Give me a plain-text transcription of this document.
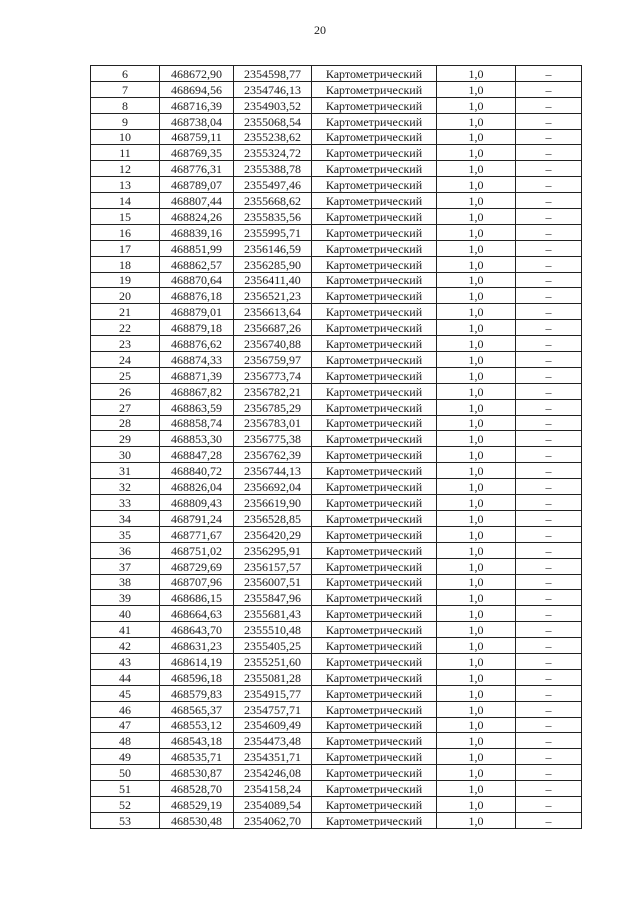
20
6	468672,90	2354598,77	Картометрический	1,0	–
7	468694,56	2354746,13	Картометрический	1,0	–
8	468716,39	2354903,52	Картометрический	1,0	–
9	468738,04	2355068,54	Картометрический	1,0	–
10	468759,11	2355238,62	Картометрический	1,0	–
11	468769,35	2355324,72	Картометрический	1,0	–
12	468776,31	2355388,78	Картометрический	1,0	–
13	468789,07	2355497,46	Картометрический	1,0	–
14	468807,44	2355668,62	Картометрический	1,0	–
15	468824,26	2355835,56	Картометрический	1,0	–
16	468839,16	2355995,71	Картометрический	1,0	–
17	468851,99	2356146,59	Картометрический	1,0	–
18	468862,57	2356285,90	Картометрический	1,0	–
19	468870,64	2356411,40	Картометрический	1,0	–
20	468876,18	2356521,23	Картометрический	1,0	–
21	468879,01	2356613,64	Картометрический	1,0	–
22	468879,18	2356687,26	Картометрический	1,0	–
23	468876,62	2356740,88	Картометрический	1,0	–
24	468874,33	2356759,97	Картометрический	1,0	–
25	468871,39	2356773,74	Картометрический	1,0	–
26	468867,82	2356782,21	Картометрический	1,0	–
27	468863,59	2356785,29	Картометрический	1,0	–
28	468858,74	2356783,01	Картометрический	1,0	–
29	468853,30	2356775,38	Картометрический	1,0	–
30	468847,28	2356762,39	Картометрический	1,0	–
31	468840,72	2356744,13	Картометрический	1,0	–
32	468826,04	2356692,04	Картометрический	1,0	–
33	468809,43	2356619,90	Картометрический	1,0	–
34	468791,24	2356528,85	Картометрический	1,0	–
35	468771,67	2356420,29	Картометрический	1,0	–
36	468751,02	2356295,91	Картометрический	1,0	–
37	468729,69	2356157,57	Картометрический	1,0	–
38	468707,96	2356007,51	Картометрический	1,0	–
39	468686,15	2355847,96	Картометрический	1,0	–
40	468664,63	2355681,43	Картометрический	1,0	–
41	468643,70	2355510,48	Картометрический	1,0	–
42	468631,23	2355405,25	Картометрический	1,0	–
43	468614,19	2355251,60	Картометрический	1,0	–
44	468596,18	2355081,28	Картометрический	1,0	–
45	468579,83	2354915,77	Картометрический	1,0	–
46	468565,37	2354757,71	Картометрический	1,0	–
47	468553,12	2354609,49	Картометрический	1,0	–
48	468543,18	2354473,48	Картометрический	1,0	–
49	468535,71	2354351,71	Картометрический	1,0	–
50	468530,87	2354246,08	Картометрический	1,0	–
51	468528,70	2354158,24	Картометрический	1,0	–
52	468529,19	2354089,54	Картометрический	1,0	–
53	468530,48	2354062,70	Картометрический	1,0	–
